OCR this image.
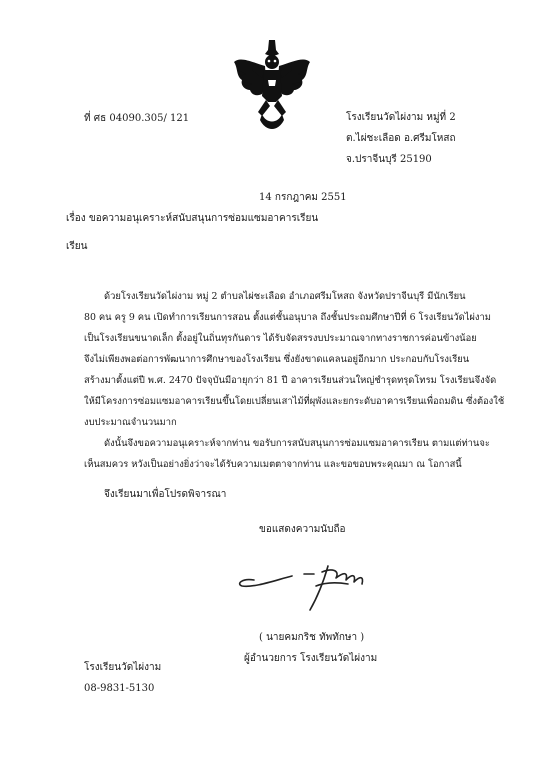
ที่ ศธ 04090.305/ 121	โรงเรียนวัดไผ่งาม หมู่ที่ 2
ต.ไผ่ชะเลือด อ.ศรีมโหสถ
จ.ปราจีนบุรี 25190
14 กรกฎาคม 2551
เรื่อง ขอความอนุเคราะห์สนับสนุนการซ่อมแซมอาคารเรียน
เรียน
ด้วยโรงเรียนวัดไผ่งาม หมู่ 2 ตำบลไผ่ชะเลือด อำเภอศรีมโหสถ จังหวัดปราจีนบุรี มีนักเรียน
80 คน ครู 9 คน เปิดทำการเรียนการสอน ตั้งแต่ชั้นอนุบาล ถึงชั้นประถมศึกษาปีที่ 6 โรงเรียนวัดไผ่งาม
เป็นโรงเรียนขนาดเล็ก ตั้งอยู่ในถิ่นทุรกันดาร ได้รับจัดสรรงบประมาณจากทางราชการค่อนข้างน้อย
จึงไม่เพียงพอต่อการพัฒนาการศึกษาของโรงเรียน ซึ่งยังขาดแคลนอยู่อีกมาก ประกอบกับโรงเรียน
สร้างมาตั้งแต่ปี พ.ศ. 2470 ปัจจุบันมีอายุกว่า 81 ปี อาคารเรียนส่วนใหญ่ชำรุดทรุดโทรม โรงเรียนจึงจัด
ให้มีโครงการซ่อมแซมอาคารเรียนขึ้นโดยเปลี่ยนเสาไม้ที่ผุพังและยกระดับอาคารเรียนเพื่อถมดิน ซึ่งต้องใช้
งบประมาณจำนวนมาก
ดังนั้นจึงขอความอนุเคราะห์จากท่าน ขอรับการสนับสนุนการซ่อมแซมอาคารเรียน ตามแต่ท่านจะ
เห็นสมควร หวังเป็นอย่างยิ่งว่าจะได้รับความเมตตาจากท่าน และขอขอบพระคุณมา ณ โอกาสนี้
จึงเรียนมาเพื่อโปรดพิจารณา
ขอแสดงความนับถือ
( นายคมกริช ทัพทักษา )
ผู้อำนวยการ โรงเรียนวัดไผ่งาม
โรงเรียนวัดไผ่งาม
08-9831-5130
